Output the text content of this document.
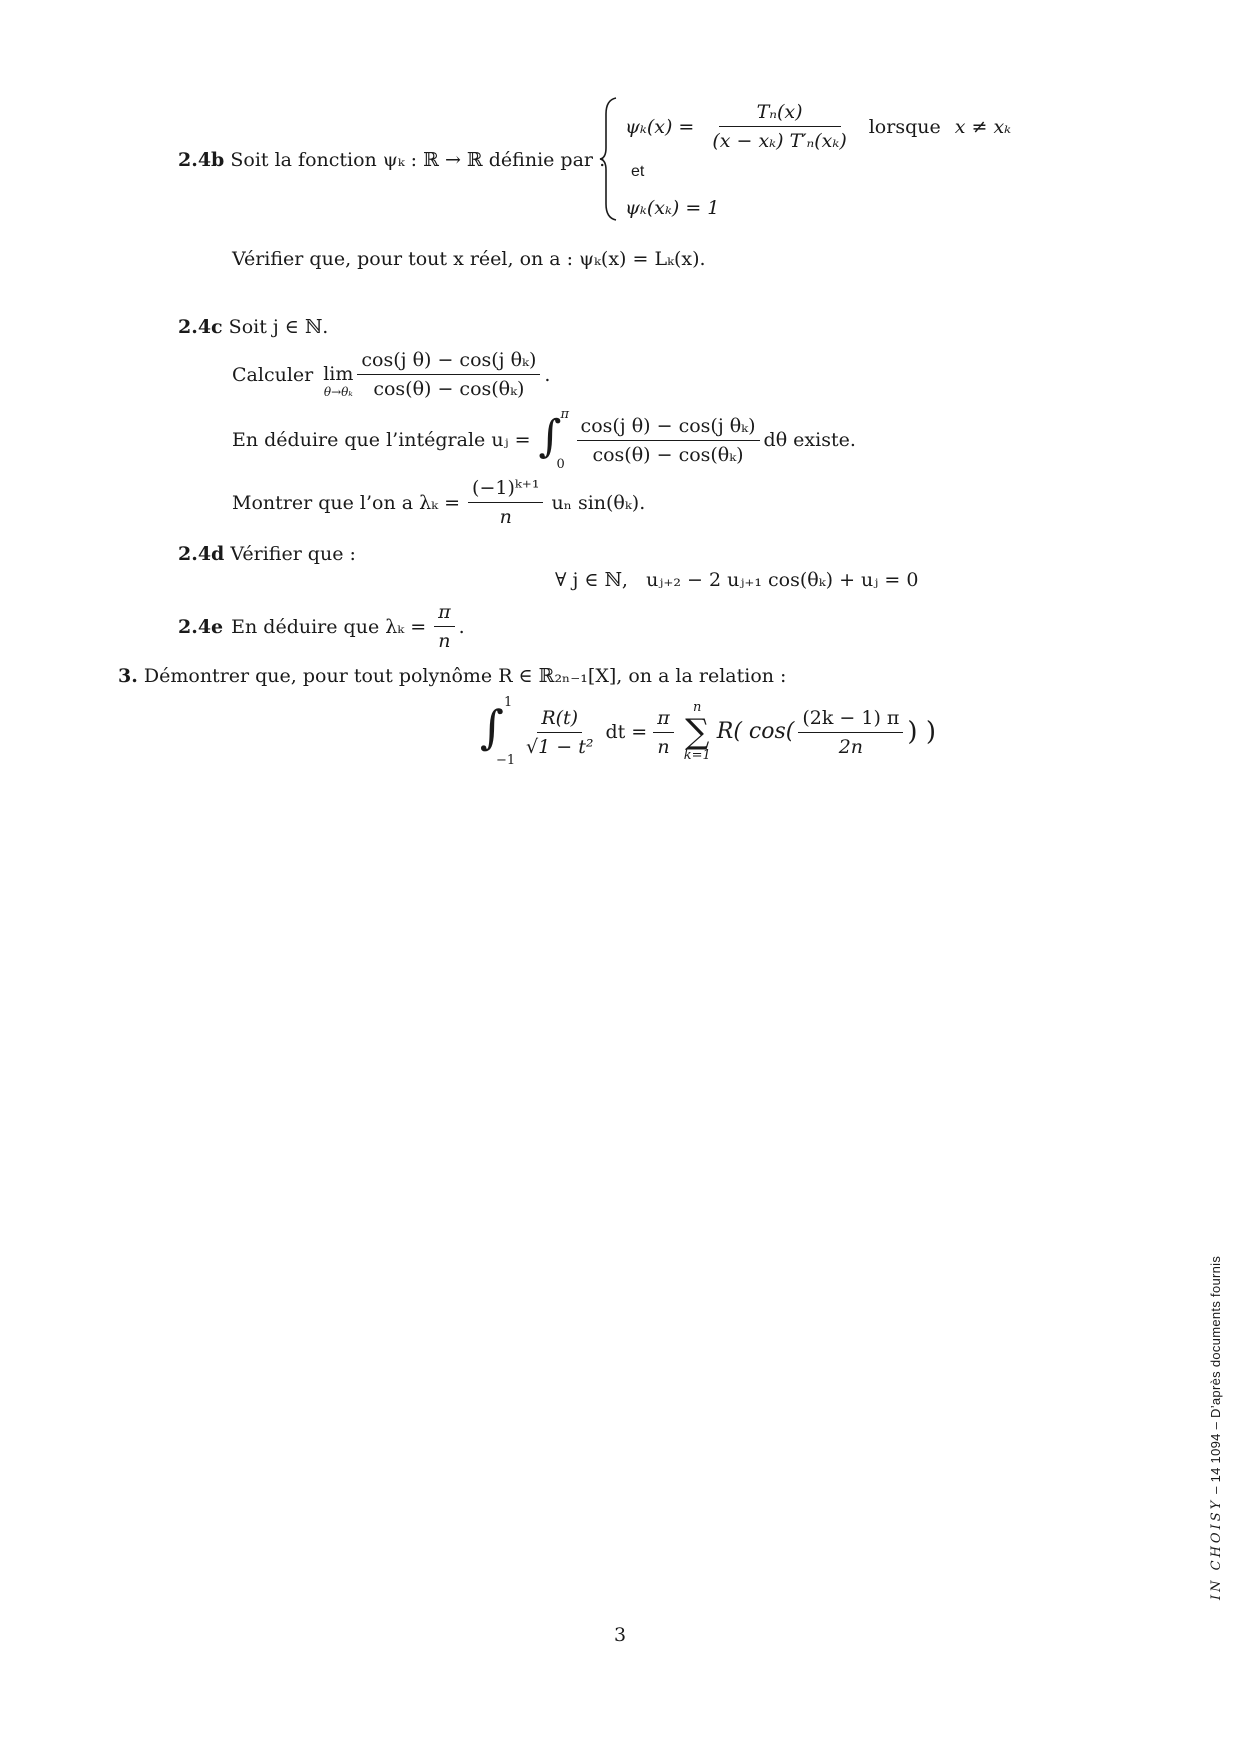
2.4b Soit la fonction ψₖ : ℝ → ℝ définie par :
$\psi_k(x) = \frac{\text{Tₙ(x)}}{\text{(x − xₖ) T′ₙ(xₖ)}}$ lorsque x ≠ xₖ
et
ψₖ(xₖ) = 1
Vérifier que, pour tout x réel, on a : ψₖ(x) = Lₖ(x).
2.4c Soit j ∈ ℕ.
Calculer lim
$\theta\to\theta_k \frac{\text{cos(j θ) − cos(j θₖ)}}{\text{cos(θ) − cos(θₖ)}}$ .
En déduire que l’intégrale uⱼ = ∫ π
$0 \frac{\text{cos(j θ) − cos(j θₖ)}}{\text{cos(θ) − cos(θₖ)}}$ dθ existe.
Montrer que l’on a $\lambda_k = \frac{\text{(−1)ᵏ⁺¹}}{n}$ uₙ sin(θₖ).
2.4d Vérifier que :
∀ j ∈ ℕ,   uⱼ₊₂ − 2 uⱼ₊₁ cos(θₖ) + uⱼ = 0
2.4e En déduire que $\lambda_k = \frac{\pi}{n}$ .
3. Démontrer que, pour tout polynôme R ∈ ℝ₂ₙ₋₁[X], on a la relation :
∫ 1
−1
$\frac{R(t)}{\text{√1 − t²}}$ dt = $\frac{\pi}{n}$ n
∑
k=1
R( $\cos( \frac{(2k - 1) \pi}{2n}$ ) )
IN CHOISY – 14 1094 – D’après documents fournis
3
